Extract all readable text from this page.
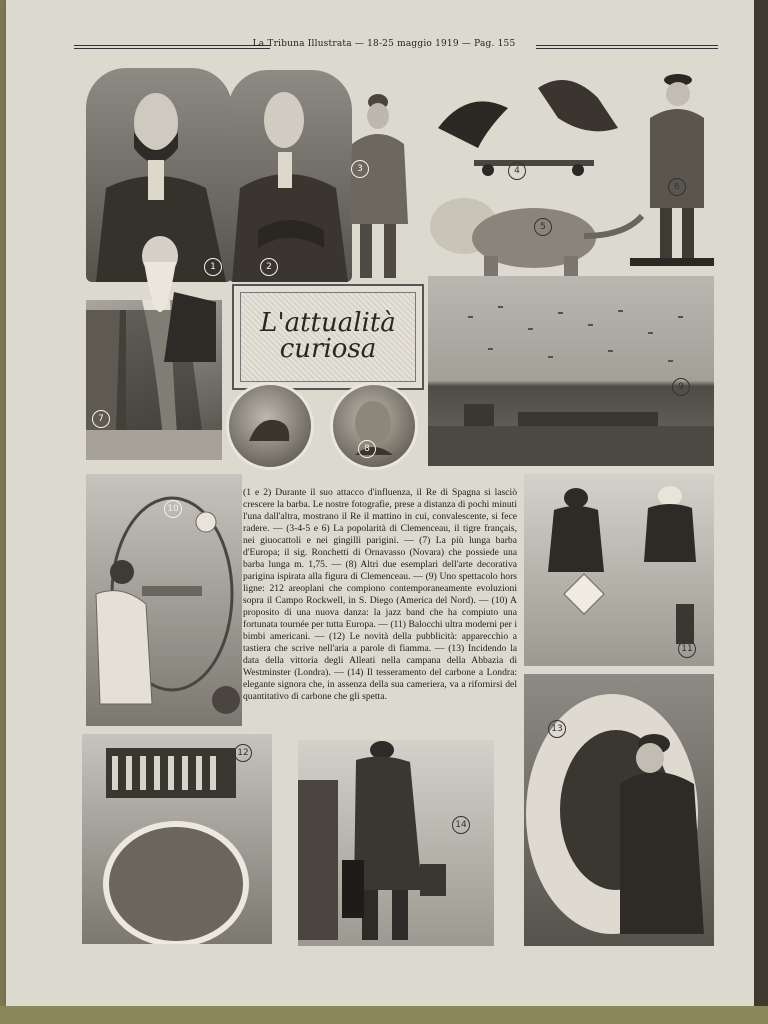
La Tribuna Illustrata — 18-25 maggio 1919 — Pag. 155
L'attualità
curiosa
(1 e 2) Durante il suo attacco d'influenza, il Re di Spagna si lasciò crescere la barba. Le nostre fotografie, prese a distanza di pochi minuti l'una dall'altra, mostrano il Re il mattino in cui, convalescente, si fece radere. — (3-4-5 e 6) La popolarità di Clemenceau, il tigre français, nei giuocattoli e nei gingilli parigini. — (7) La più lunga barba d'Europa; il sig. Ronchetti di Ornavasso (Novara) che possiede una barba lunga m. 1,75. — (8) Altri due esemplari dell'arte decorativa parigina ispirata alla figura di Clemenceau. — (9) Uno spettacolo hors ligne: 212 areoplani che compiono contemporaneamente evoluzioni sopra il Campo Rockwell, in S. Diego (America del Nord). — (10) A proposito di una nuova danza: la jazz band che ha compiuto una fortunata tournée per tutta Europa. — (11) Balocchi ultra moderni per i bimbi americani. — (12) Le novità della pubblicità: apparecchio a tastiera che scrive nell'aria a parole di fiamma. — (13) Incidendo la data della vittoria degli Alleati nella campana della Abbazia di Westminster (Londra). — (14) Il tesseramento del carbone a Londra: elegante signora che, in assenza della sua cameriera, va a rifornirsi del quantitativo di carbone che gli spetta.
1	2
3	4
5
6
7
8
9
10
11
12
13
14
